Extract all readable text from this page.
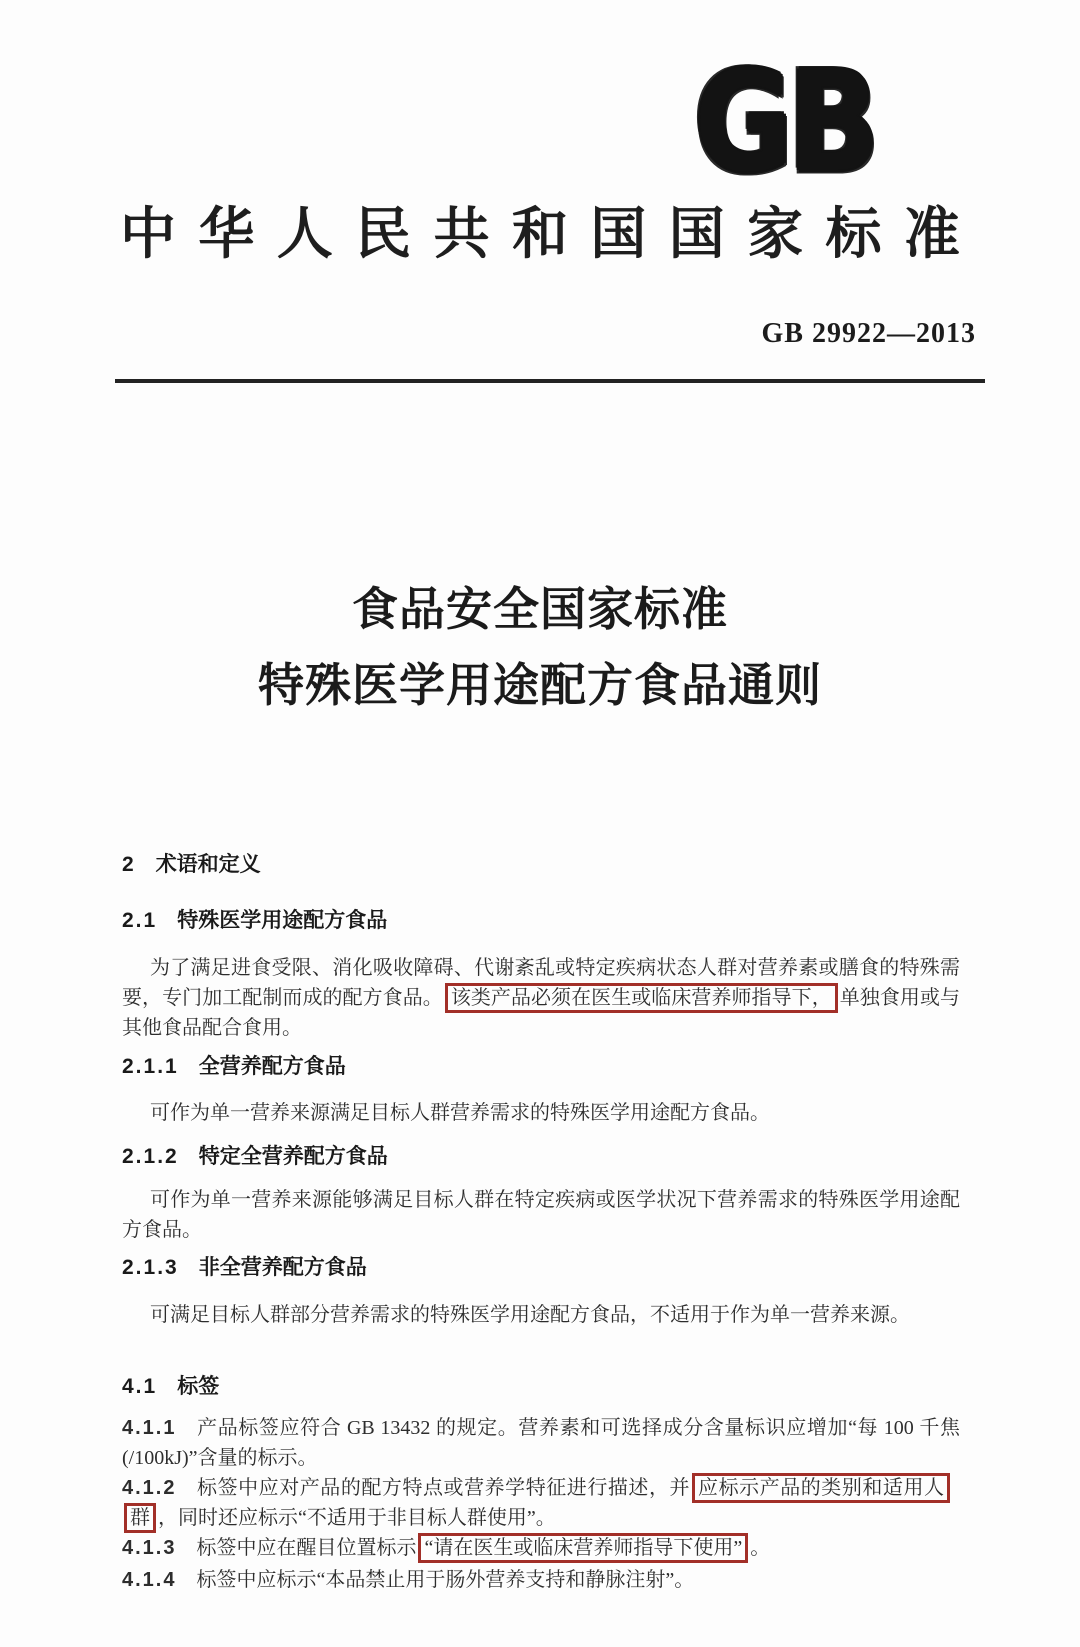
GB
中 华 人 民 共 和 国 国 家 标 准
GB 29922—2013
食品安全国家标准
特殊医学用途配方食品通则
2 术语和定义
2.1 特殊医学用途配方食品

为了满足进食受限、消化吸收障碍、代谢紊乱或特定疾病状态人群对营养素或膳食的特殊需要，专门加工配制而成的配方食品。 该类产品必须在医生或临床营养师指导下， 单独食用或与其他食品配合食用。

2.1.1 全营养配方食品

可作为单一营养来源满足目标人群营养需求的特殊医学用途配方食品。

2.1.2 特定全营养配方食品

可作为单一营养来源能够满足目标人群在特定疾病或医学状况下营养需求的特殊医学用途配方食品。

2.1.3 非全营养配方食品

可满足目标人群部分营养需求的特殊医学用途配方食品，不适用于作为单一营养来源。

4.1 标签

4.1.1 产品标签应符合 GB 13432 的规定。营养素和可选择成分含量标识应增加“每 100 千焦(/100kJ)”含量的标示。

4.1.2 标签中应对产品的配方特点或营养学特征进行描述，并 应标示产品的类别和适用人群 ，同时还应标示“不适用于非目标人群使用”。

4.1.3 标签中应在醒目位置标示 “请在医生或临床营养师指导下使用” 。

4.1.4 标签中应标示“本品禁止用于肠外营养支持和静脉注射”。
